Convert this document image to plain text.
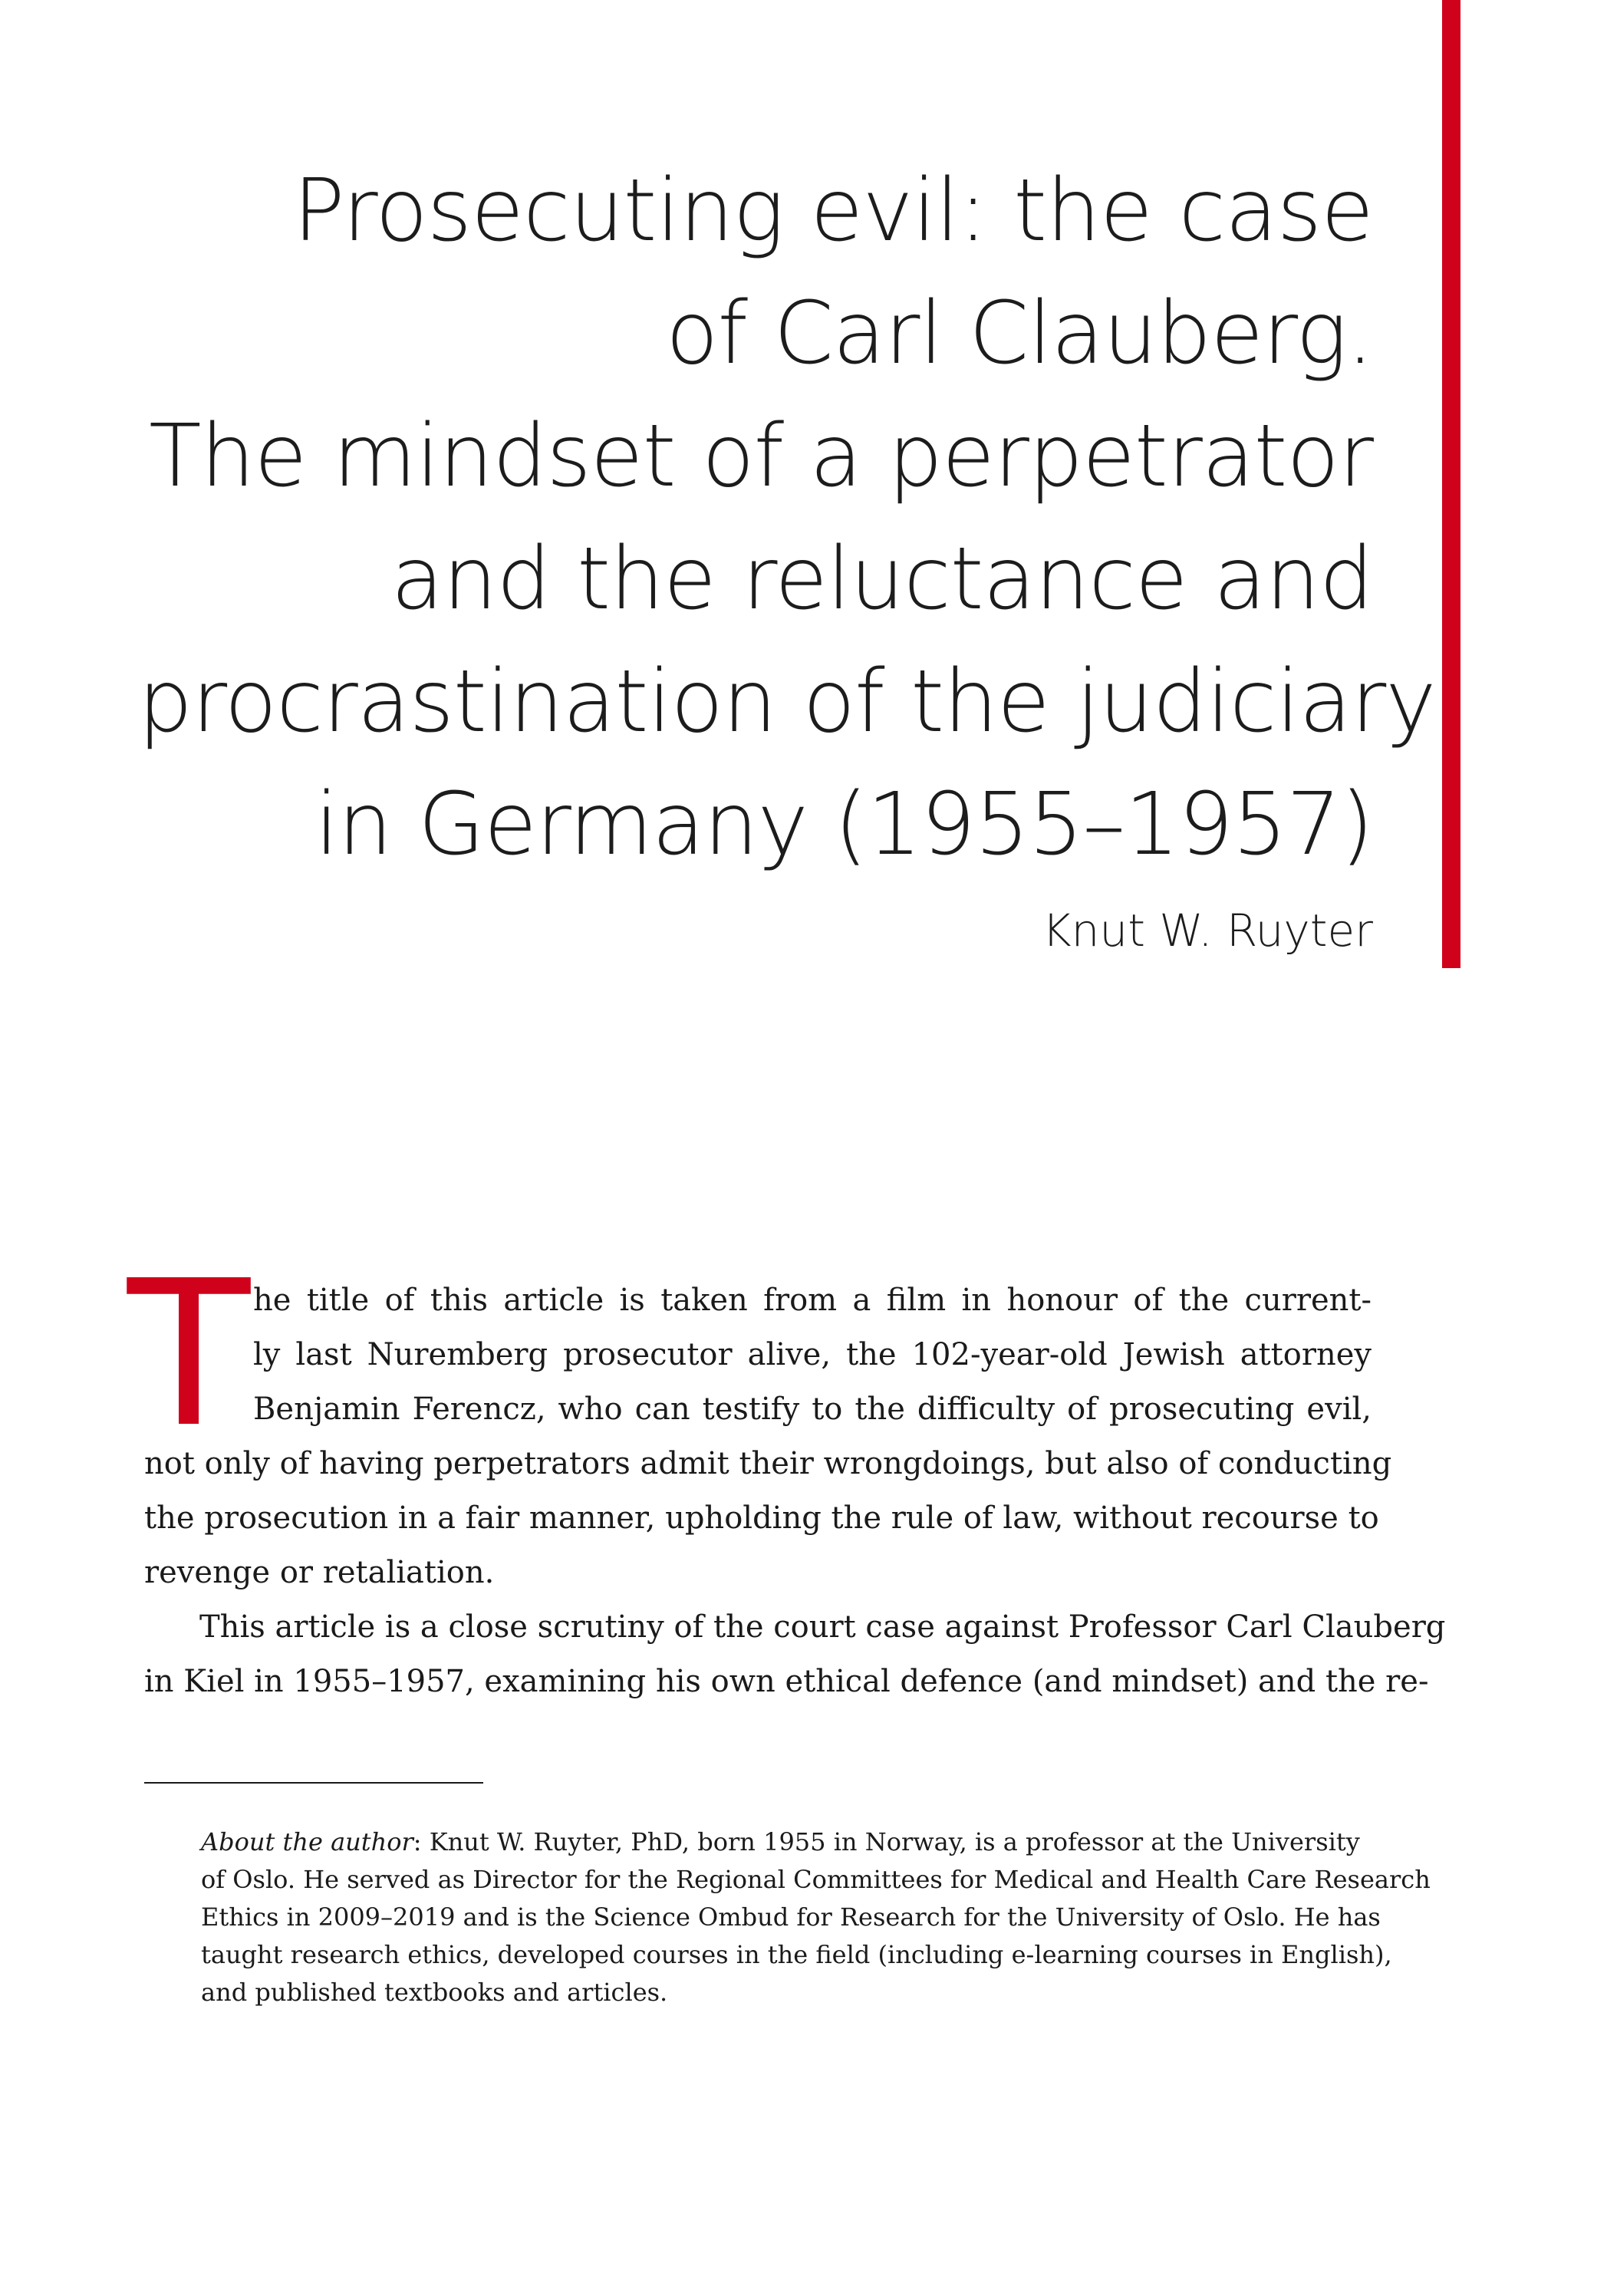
Prosecuting evil: the case
of Carl Clauberg.
The mindset of a perpetrator
and the reluctance and
procrastination of the judiciary
in Germany (1955–1957)
Knut W. Ruyter
T he title of this article is taken from a film in honour of the current-
ly last Nuremberg prosecutor alive, the 102-year-old Jewish attorney
Benjamin Ferencz, who can testify to the difficulty of prosecuting evil,
not only of having perpetrators admit their wrongdoings, but also of conducting
the prosecution in a fair manner, upholding the rule of law, without recourse to
revenge or retaliation.
This article is a close scrutiny of the court case against Professor Carl Clauberg
in Kiel in 1955–1957, examining his own ethical defence (and mindset) and the re-
About the author: Knut W. Ruyter, PhD, born 1955 in Norway, is a professor at the University
of Oslo. He served as Director for the Regional Committees for Medical and Health Care Research
Ethics in 2009–2019 and is the Science Ombud for Research for the University of Oslo. He has
taught research ethics, developed courses in the field (including e-learning courses in English),
and published textbooks and articles.
